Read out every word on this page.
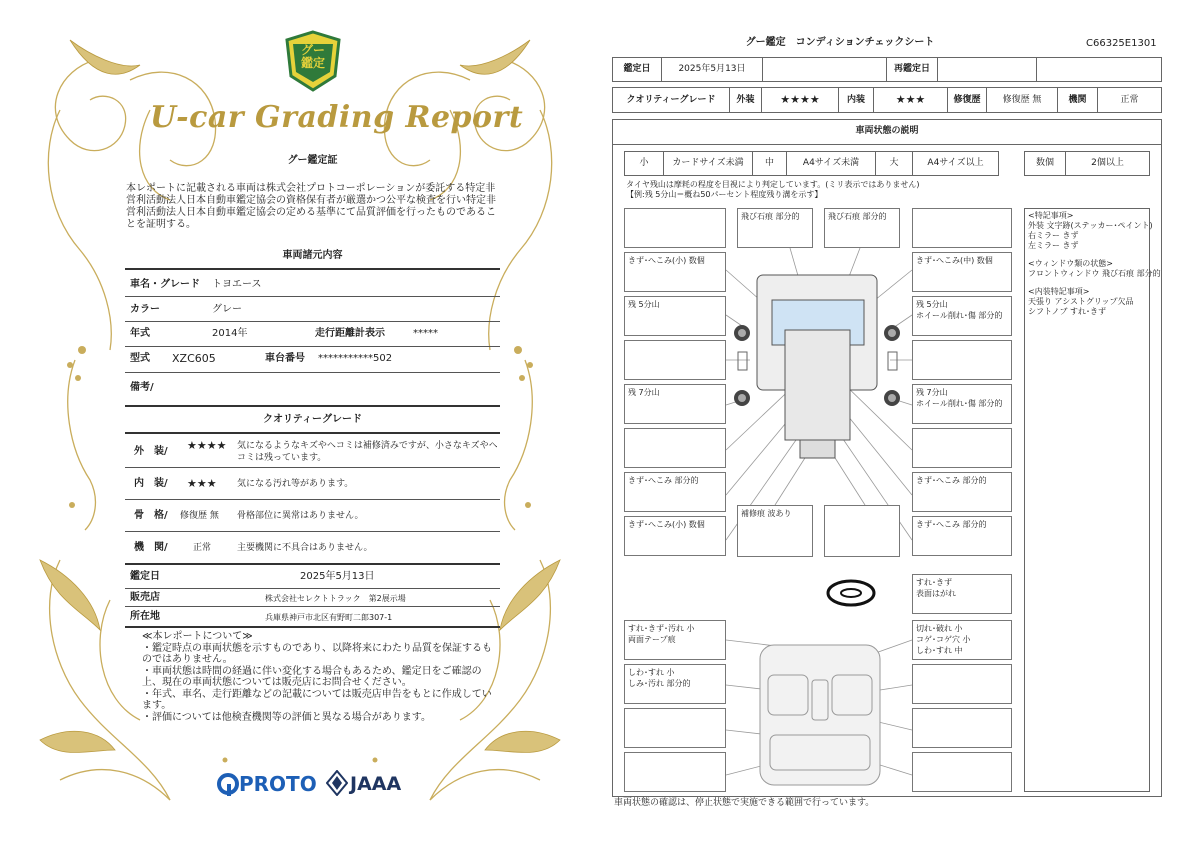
グー
鑑定
U-car Grading Report
グー鑑定証
本レポートに記載される車両は株式会社プロトコーポレーションが委託する特定非営利活動法人日本自動車鑑定協会の資格保有者が厳選かつ公平な検査を行い特定非営利活動法人日本自動車鑑定協会の定める基準にて品質評価を行ったものであることを証明する。
車両諸元内容
車名・グレード トヨエース
カラー	グレー
年式	2014年	走行距離計表示	*****
型式 XZC605	車台番号 ***********502
備考/
クオリティーグレード
外　装/ ★★★★ 気になるようなキズやヘコミは補修済みですが、小さなキズやヘコミは残っています。
内　装/ ★★★ 気になる汚れ等があります。
骨　格/ 修復歴 無 骨格部位に異常はありません。
機　関/	正常	主要機関に不具合はありません。
鑑定日	2025年5月13日
販売店	株式会社セレクトトラック　第2展示場
所在地	兵庫県神戸市北区有野町二郎307-1
≪本レポートについて≫
・鑑定時点の車両状態を示すものであり、以降将来にわたり品質を保証するものではありません。
・車両状態は時間の経過に伴い変化する場合もあるため、鑑定日をご確認の上、現在の車両状態については販売店にお問合せください。
・年式、車名、走行距離などの記載については販売店申告をもとに作成しています。
・評価については他検査機関等の評価と異なる場合があります。
PROTO JAAA
グー鑑定　コンディションチェックシート	C66325E1301
鑑定日	2025年5月13日	再鑑定日
クオリティーグレード	外装	★★★★	内装	★★★	修復歴	修復歴 無	機関	正常
車両状態の説明
小	カードサイズ未満	中	A4サイズ未満	大	A4サイズ以上	数個	2個以上
タイヤ残山は摩耗の程度を目視により判定しています。(ミリ表示ではありません)
【例:残 5分山＝概ね50パーセント程度残り溝を示す】
きず･へこみ(小) 数個
残 5分山
残 7分山
きず･へこみ 部分的
きず･へこみ(小) 数個
飛び石痕 部分的	飛び石痕 部分的
きず･へこみ(中) 数個
残 5分山
ホイール削れ･傷 部分的
残 7分山
ホイール削れ･傷 部分的
きず･へこみ 部分的
きず･へこみ 部分的
補修痕 波あり
すれ･きず
表面はがれ
すれ･きず･汚れ 小
両面テープ痕
しわ･すれ 小
しみ･汚れ 部分的
切れ･破れ 小
コゲ･コゲ穴 小
しわ･すれ 中
<特記事項>
外装 文字跡(ステッカー･ペイント)
右ミラー きず
左ミラー きず
<ウィンドウ類の状態>
フロントウィンドウ 飛び石痕 部分的
<内装特記事項>
天張り アシストグリップ欠品
シフトノブ すれ･きず
車両状態の確認は、停止状態で実施できる範囲で行っています。
